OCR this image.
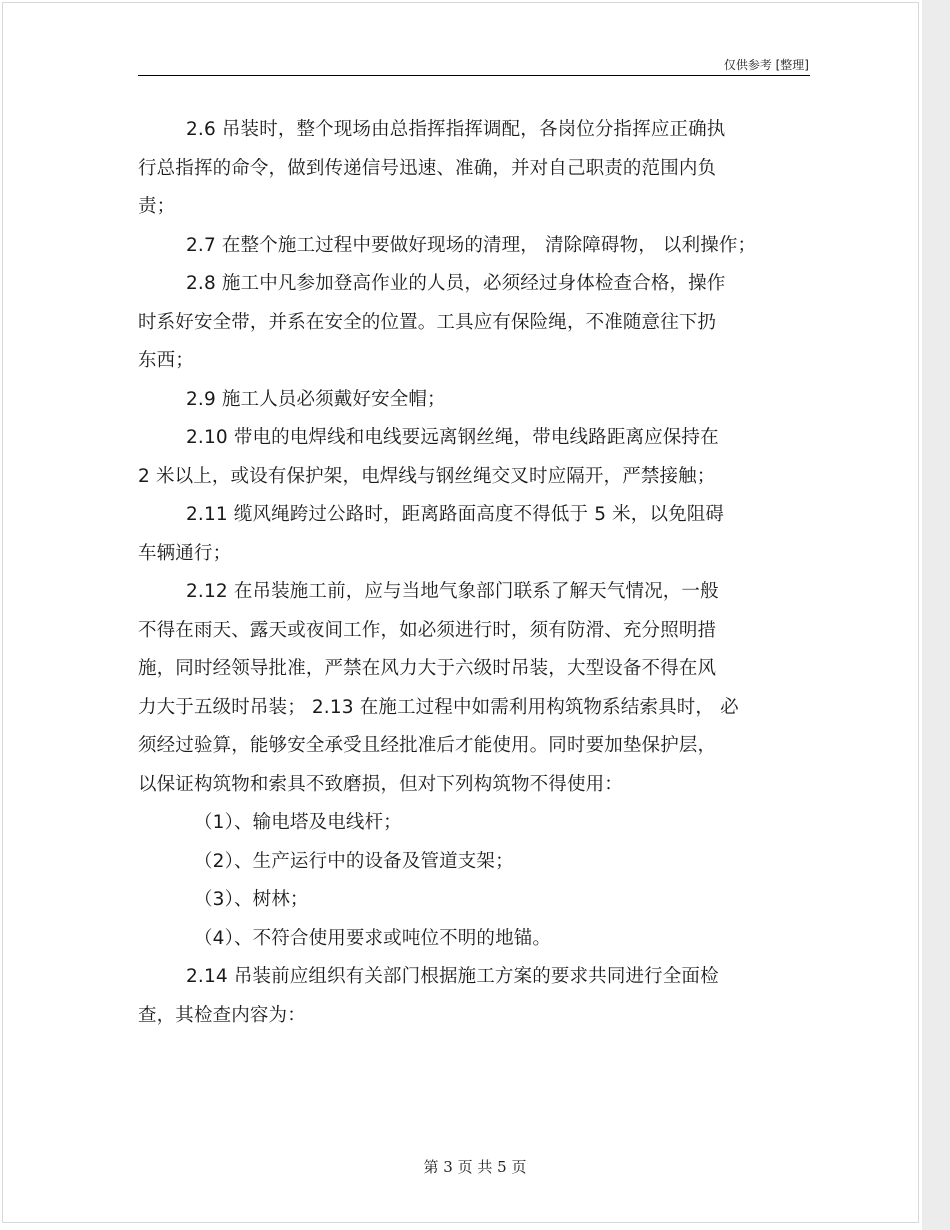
仅供参考 [整理]
2.6 吊装时，整个现场由总指挥指挥调配，各岗位分指挥应正确执
行总指挥的命令，做到传递信号迅速、准确，并对自己职责的范围内负
责；
2.7 在整个施工过程中要做好现场的清理， 清除障碍物， 以利操作；
2.8 施工中凡参加登高作业的人员，必须经过身体检查合格，操作
时系好安全带，并系在安全的位置。工具应有保险绳，不准随意往下扔
东西；
2.9 施工人员必须戴好安全帽；
2.10 带电的电焊线和电线要远离钢丝绳，带电线路距离应保持在
2 米以上，或设有保护架，电焊线与钢丝绳交叉时应隔开，严禁接触；
2.11 缆风绳跨过公路时，距离路面高度不得低于 5 米，以免阻碍
车辆通行；
2.12 在吊装施工前，应与当地气象部门联系了解天气情况，一般
不得在雨天、露天或夜间工作，如必须进行时，须有防滑、充分照明措
施，同时经领导批准，严禁在风力大于六级时吊装，大型设备不得在风
力大于五级时吊装； 2.13 在施工过程中如需利用构筑物系结索具时， 必
须经过验算，能够安全承受且经批准后才能使用。同时要加垫保护层，
以保证构筑物和索具不致磨损，但对下列构筑物不得使用：
（1）、输电塔及电线杆；
（2）、生产运行中的设备及管道支架；
（3）、树林；
（4）、不符合使用要求或吨位不明的地锚。
2.14 吊装前应组织有关部门根据施工方案的要求共同进行全面检
查，其检查内容为：
第 3 页 共 5 页
